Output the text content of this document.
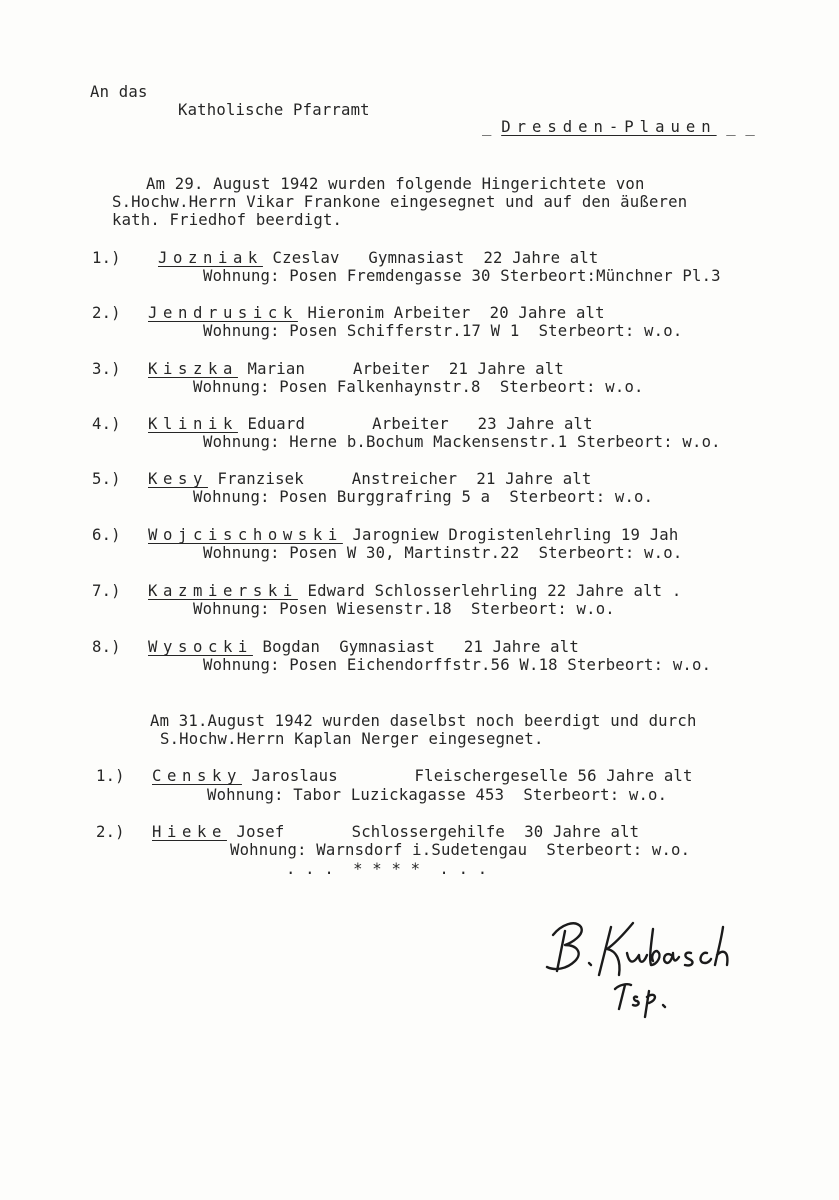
An das
Katholische Pfarramt
_ Dresden-Plauen _ _
Am 29. August 1942 wurden folgende Hingerichtete von
S.Hochw.Herrn Vikar Frankone eingesegnet und auf den äußeren
kath. Friedhof beerdigt.
1.) Jozniak Czeslav   Gymnasiast  22 Jahre alt
Wohnung: Posen Fremdengasse 30 Sterbeort:Münchner Pl.3
2.) Jendrusick Hieronim Arbeiter  20 Jahre alt
Wohnung: Posen Schifferstr.17 W 1  Sterbeort: w.o.
3.) Kiszka Marian     Arbeiter  21 Jahre alt
Wohnung: Posen Falkenhaynstr.8  Sterbeort: w.o.
4.) Klinik Eduard       Arbeiter   23 Jahre alt
Wohnung: Herne b.Bochum Mackensenstr.1 Sterbeort: w.o.
5.) Kesy Franzisek     Anstreicher  21 Jahre alt
Wohnung: Posen Burggrafring 5 a  Sterbeort: w.o.
6.) Wojcischowski Jarogniew Drogistenlehrling 19 Jah
Wohnung: Posen W 30, Martinstr.22  Sterbeort: w.o.
7.) Kazmierski Edward Schlosserlehrling 22 Jahre alt .
Wohnung: Posen Wiesenstr.18  Sterbeort: w.o.
8.) Wysocki Bogdan  Gymnasiast   21 Jahre alt
Wohnung: Posen Eichendorffstr.56 W.18 Sterbeort: w.o.
Am 31.August 1942 wurden daselbst noch beerdigt und durch
S.Hochw.Herrn Kaplan Nerger eingesegnet.
1.) Censky Jaroslaus        Fleischergeselle 56 Jahre alt
Wohnung: Tabor Luzickagasse 453  Sterbeort: w.o.
2.) Hieke Josef       Schlossergehilfe  30 Jahre alt
Wohnung: Warnsdorf i.Sudetengau  Sterbeort: w.o.
. . .  * * * *  . . .
